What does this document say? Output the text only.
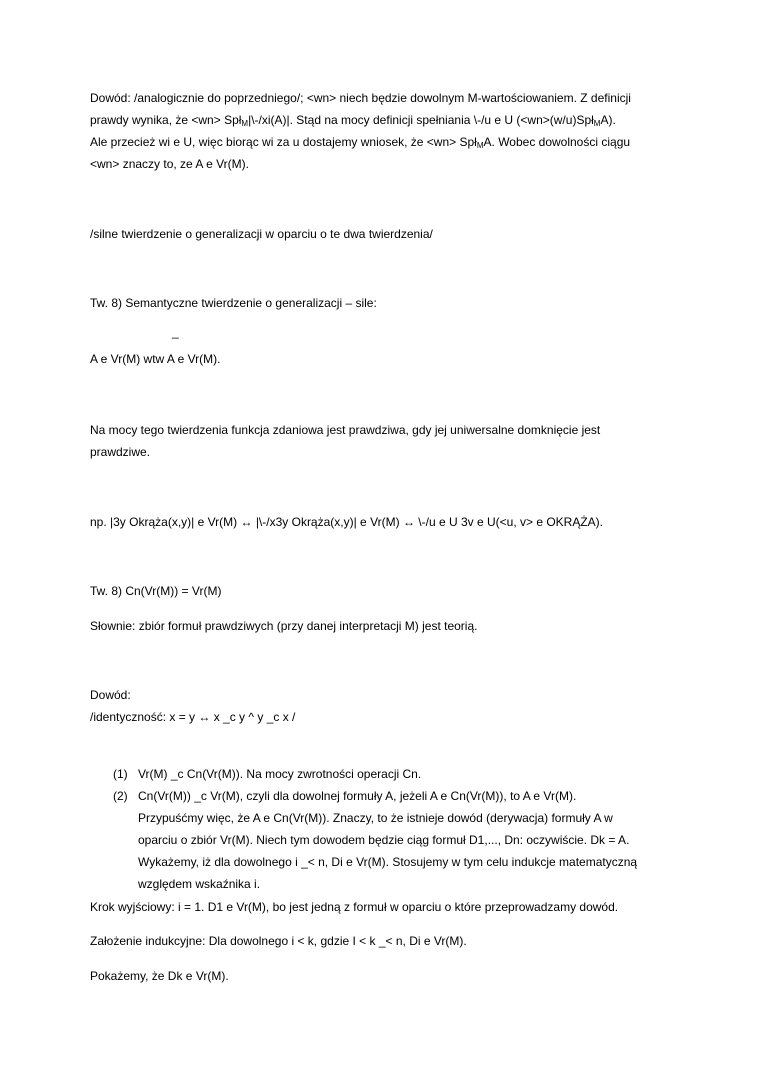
Dowód: /analogicznie do poprzedniego/; <wn> niech będzie dowolnym M-wartościowaniem. Z definicji
prawdy wynika, że <wn> Spł$_M$|\-/xi(A)|. Stąd na mocy definicji spełniania \-/u e U (<wn>(w/u)Spł$_M$A).
Ale przecież wi e U, więc biorąc wi za u dostajemy wniosek, że <wn> Spł$_M$A. Wobec dowolności ciągu
<wn> znaczy to, ze A e Vr(M).
/silne twierdzenie o generalizacji w oparciu o te dwa twierdzenia/
Tw. 8) Semantyczne twierdzenie o generalizacji – sile:
_
A e Vr(M) wtw A e Vr(M).
Na mocy tego twierdzenia funkcja zdaniowa jest prawdziwa, gdy jej uniwersalne domknięcie jest
prawdziwe.
np. |3y Okrąża(x,y)| e Vr(M) ↔ |\-/x3y Okrąża(x,y)| e Vr(M) ↔ \-/u e U 3v e U(<u, v> e OKRĄŻA).
Tw. 8) Cn(Vr(M)) = Vr(M)
Słownie: zbiór formuł prawdziwych (przy danej interpretacji M) jest teorią.
Dowód:
/identyczność: x = y ↔ x _c y ^ y _c x /
(1) Vr(M) _c Cn(Vr(M)). Na mocy zwrotności operacji Cn.
(2) Cn(Vr(M)) _c Vr(M), czyli dla dowolnej formuły A, jeżeli A e Cn(Vr(M)), to A e Vr(M).
Przypuśćmy więc, że A e Cn(Vr(M)). Znaczy, to że istnieje dowód (derywacja) formuły A w
oparciu o zbiór Vr(M). Niech tym dowodem będzie ciąg formuł D1,..., Dn: oczywiście. Dk = A.
Wykażemy, iż dla dowolnego i _< n, Di e Vr(M). Stosujemy w tym celu indukcje matematyczną
względem wskaźnika i.
Krok wyjściowy: i = 1. D1 e Vr(M), bo jest jedną z formuł w oparciu o które przeprowadzamy dowód.
Założenie indukcyjne: Dla dowolnego i < k, gdzie I < k _< n, Di e Vr(M).
Pokażemy, że Dk e Vr(M).
